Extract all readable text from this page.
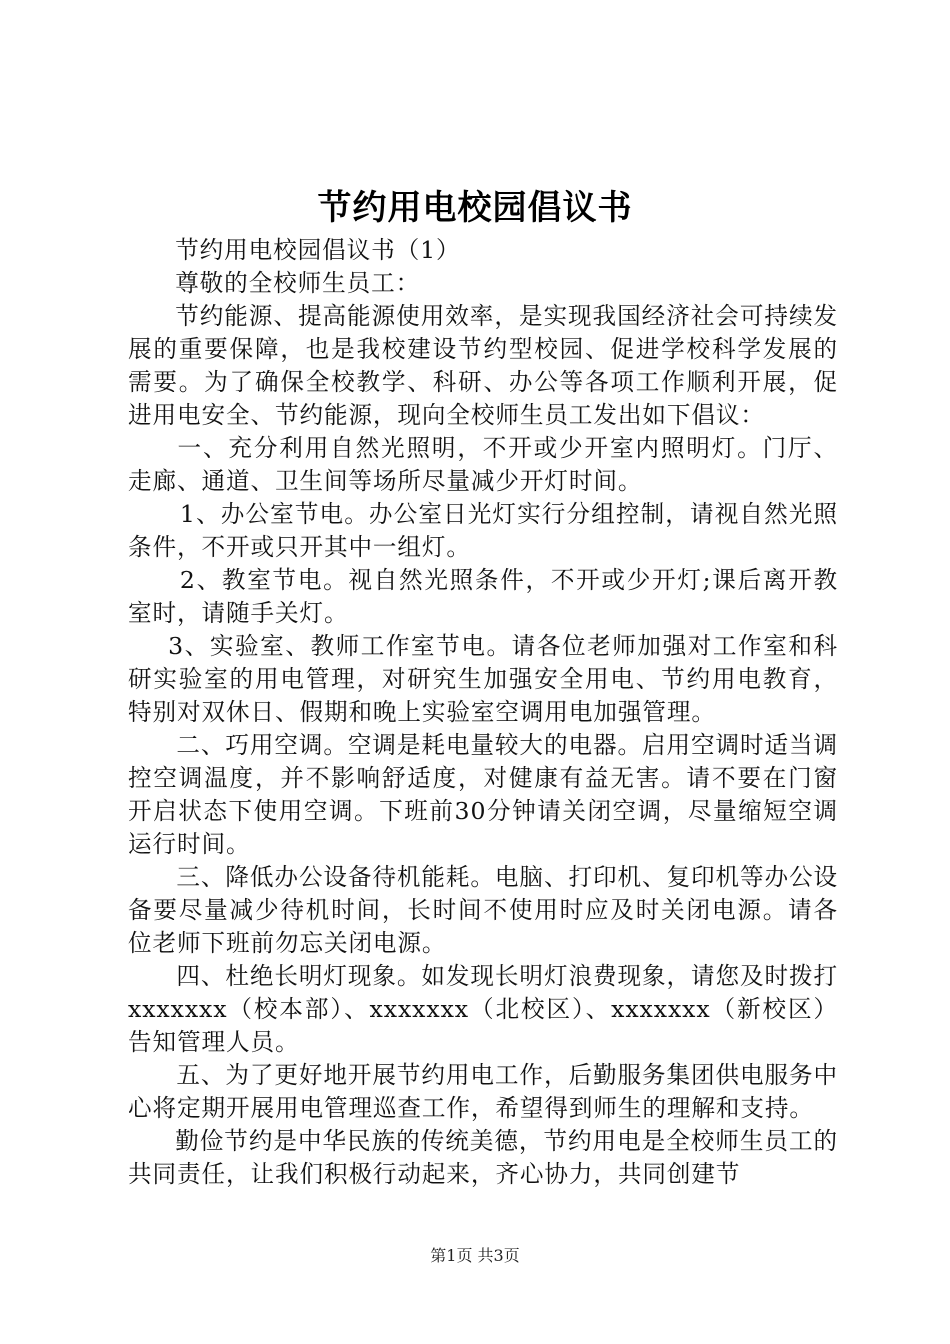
节约用电校园倡议书

节约用电校园倡议书（1）

尊敬的全校师生员工：

节约能源、提高能源使用效率，是实现我国经济社会可持续发展的重要保障，也是我校建设节约型校园、促进学校科学发展的需要。为了确保全校教学、科研、办公等各项工作顺利开展，促进用电安全、节约能源，现向全校师生员工发出如下倡议：

一、充分利用自然光照明，不开或少开室内照明灯。门厅、走廊、通道、卫生间等场所尽量减少开灯时间。

1、办公室节电。办公室日光灯实行分组控制，请视自然光照条件，不开或只开其中一组灯。

2、教室节电。视自然光照条件，不开或少开灯;课后离开教室时，请随手关灯。

3、实验室、教师工作室节电。请各位老师加强对工作室和科研实验室的用电管理，对研究生加强安全用电、节约用电教育，特别对双休日、假期和晚上实验室空调用电加强管理。

二、巧用空调。空调是耗电量较大的电器。启用空调时适当调控空调温度，并不影响舒适度，对健康有益无害。请不要在门窗开启状态下使用空调。下班前30分钟请关闭空调，尽量缩短空调运行时间。

三、降低办公设备待机能耗。电脑、打印机、复印机等办公设备要尽量减少待机时间，长时间不使用时应及时关闭电源。请各位老师下班前勿忘关闭电源。

四、杜绝长明灯现象。如发现长明灯浪费现象，请您及时拨打xxxxxxx（校本部）、xxxxxxx（北校区）、xxxxxxx（新校区）告知管理人员。

五、为了更好地开展节约用电工作，后勤服务集团供电服务中心将定期开展用电管理巡查工作，希望得到师生的理解和支持。

勤俭节约是中华民族的传统美德，节约用电是全校师生员工的共同责任，让我们积极行动起来，齐心协力，共同创建节

第1页 共3页
